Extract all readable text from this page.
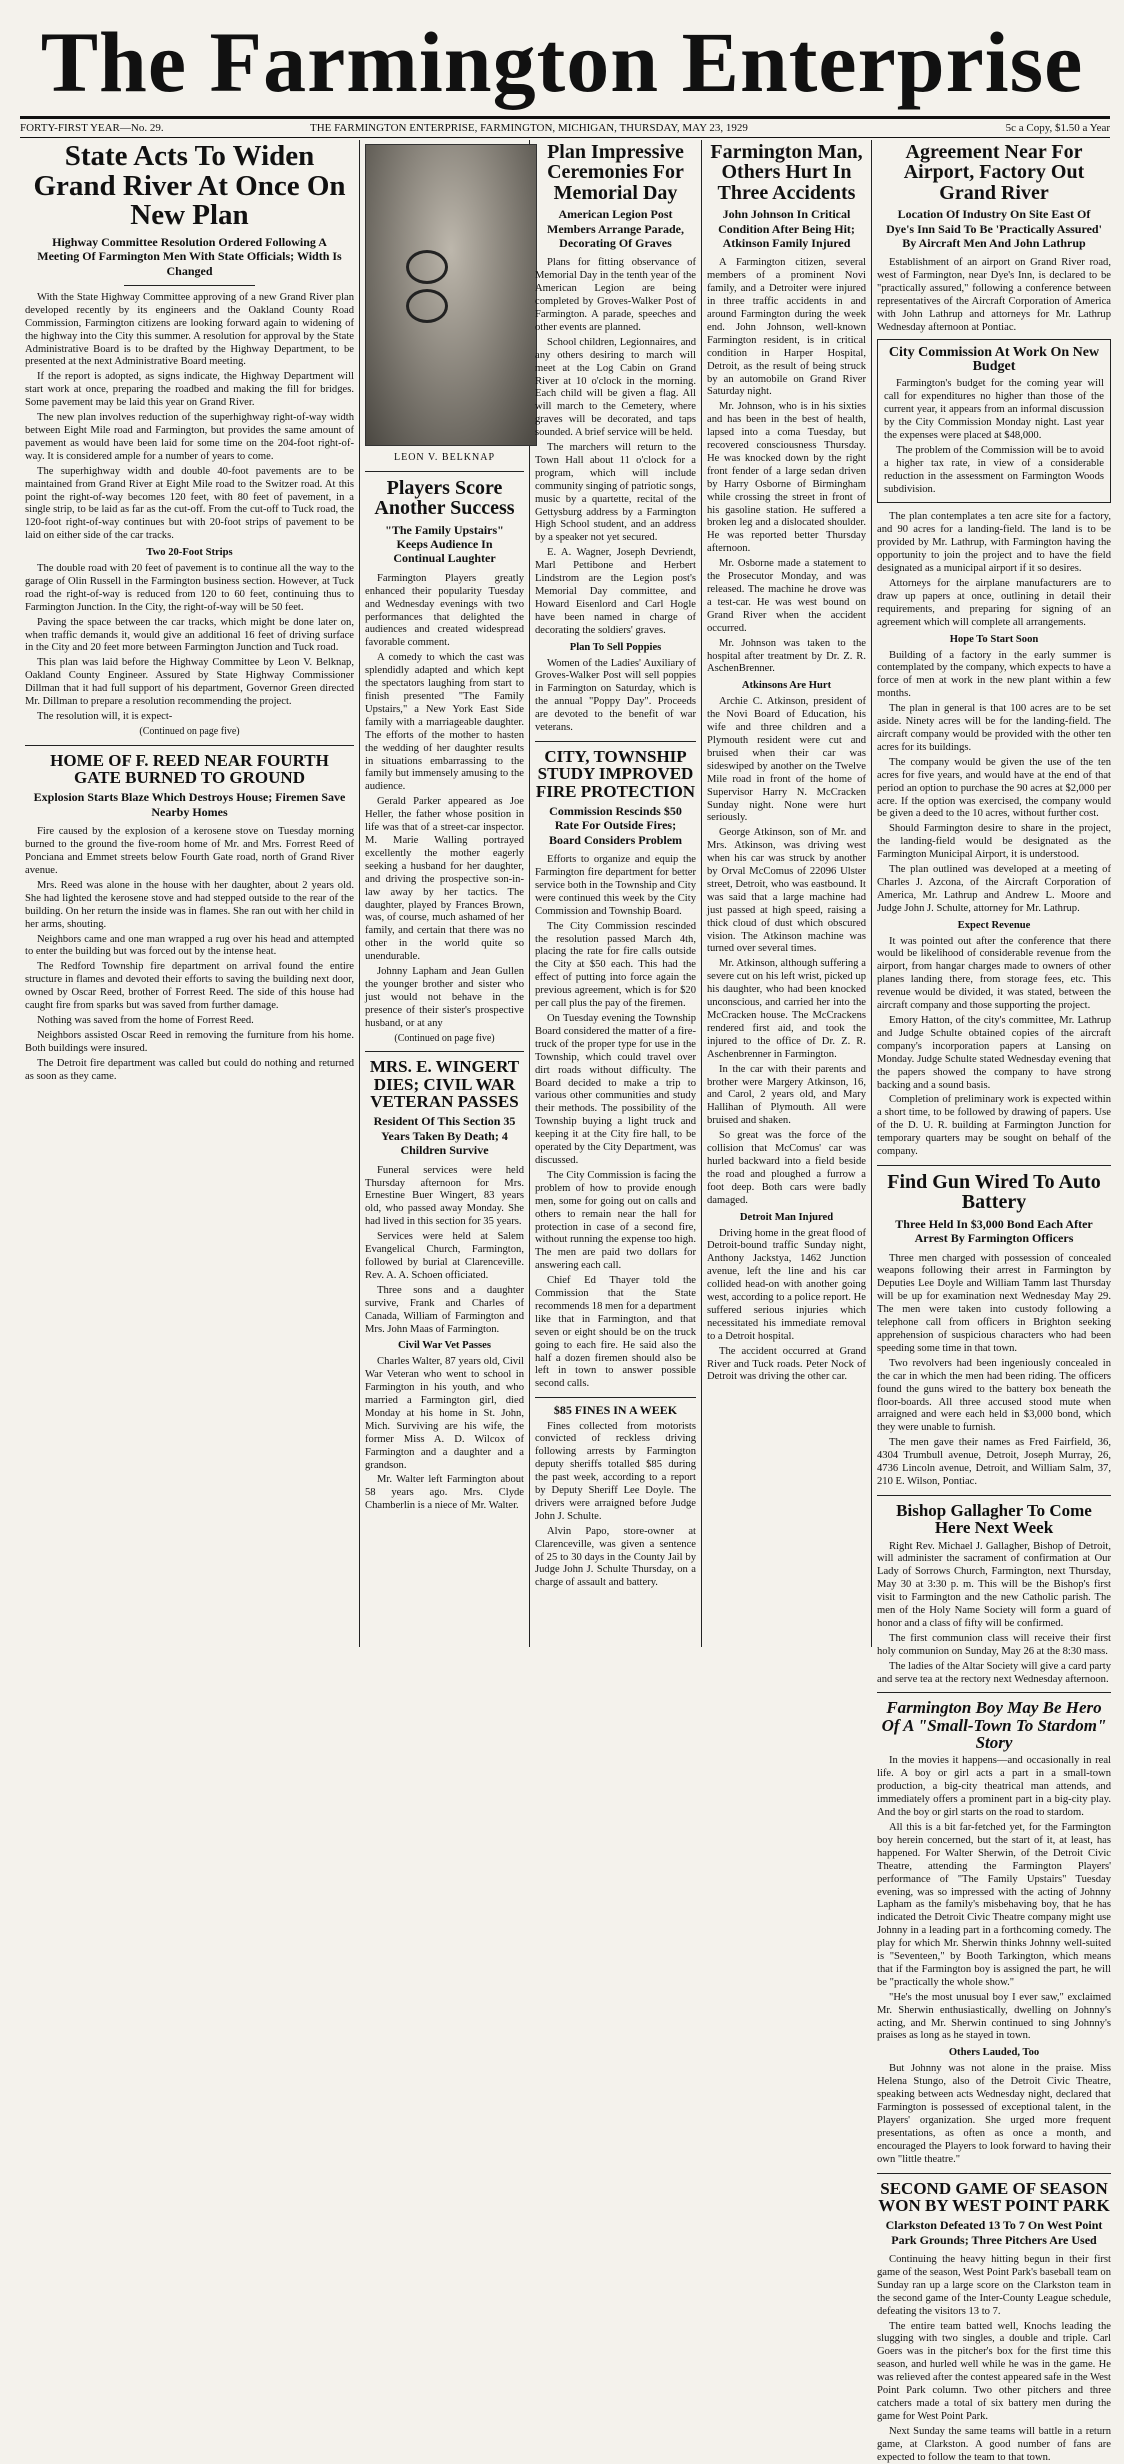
The Farmington Enterprise
FORTY-FIRST YEAR—No. 29.	THE FARMINGTON ENTERPRISE, FARMINGTON, MICHIGAN, THURSDAY, MAY 23, 1929	5c a Copy, $1.50 a Year
State Acts To Widen Grand River At Once On New Plan
Highway Committee Resolution Ordered Following A Meeting Of Farmington Men With State Officials; Width Is Changed

With the State Highway Committee approving of a new Grand River plan developed recently by its engineers and the Oakland County Road Commission, Farmington citizens are looking forward again to widening of the highway into the City this summer. A resolution for approval by the State Administrative Board is to be drafted by the Highway Department, to be presented at the next Administrative Board meeting.

If the report is adopted, as signs indicate, the Highway Department will start work at once, preparing the roadbed and making the fill for bridges. Some pavement may be laid this year on Grand River.

The new plan involves reduction of the superhighway right-of-way width between Eight Mile road and Farmington, but provides the same amount of pavement as would have been laid for some time on the 204-foot right-of-way. It is considered ample for a number of years to come.

The superhighway width and double 40-foot pavements are to be maintained from Grand River at Eight Mile road to the Switzer road. At this point the right-of-way becomes 120 feet, with 80 feet of pavement, in a single strip, to be laid as far as the cut-off. From the cut-off to Tuck road, the 120-foot right-of-way continues but with 20-foot strips of pavement to be laid on either side of the car tracks.

Two 20-Foot Strips

The double road with 20 feet of pavement is to continue all the way to the garage of Olin Russell in the Farmington business section. However, at Tuck road the right-of-way is reduced from 120 to 60 feet, continuing thus to Farmington Junction. In the City, the right-of-way will be 50 feet.

Paving the space between the car tracks, which might be done later on, when traffic demands it, would give an additional 16 feet of driving surface in the City and 20 feet more between Farmington Junction and Tuck road.

This plan was laid before the Highway Committee by Leon V. Belknap, Oakland County Engineer. Assured by State Highway Commissioner Dillman that it had full support of his department, Governor Green directed Mr. Dillman to prepare a resolution recommending the project.

The resolution will, it is expect-

(Continued on page five)

HOME OF F. REED NEAR FOURTH GATE BURNED TO GROUND
Explosion Starts Blaze Which Destroys House; Firemen Save Nearby Homes

Fire caused by the explosion of a kerosene stove on Tuesday morning burned to the ground the five-room home of Mr. and Mrs. Forrest Reed of Ponciana and Emmet streets below Fourth Gate road, north of Grand River avenue.

Mrs. Reed was alone in the house with her daughter, about 2 years old. She had lighted the kerosene stove and had stepped outside to the rear of the building. On her return the inside was in flames. She ran out with her child in her arms, shouting.

Neighbors came and one man wrapped a rug over his head and attempted to enter the building but was forced out by the intense heat.

The Redford Township fire department on arrival found the entire structure in flames and devoted their efforts to saving the building next door, owned by Oscar Reed, brother of Forrest Reed. The side of this house had caught fire from sparks but was saved from further damage.

Nothing was saved from the home of Forrest Reed.

Neighbors assisted Oscar Reed in removing the furniture from his home. Both buildings were insured.

The Detroit fire department was called but could do nothing and returned as soon as they came.

LEON V. BELKNAP
Players Score Another Success
"The Family Upstairs" Keeps Audience In Continual Laughter

Farmington Players greatly enhanced their popularity Tuesday and Wednesday evenings with two performances that delighted the audiences and created widespread favorable comment.

A comedy to which the cast was splendidly adapted and which kept the spectators laughing from start to finish presented "The Family Upstairs," a New York East Side family with a marriageable daughter. The efforts of the mother to hasten the wedding of her daughter results in situations embarrassing to the family but immensely amusing to the audience.

Gerald Parker appeared as Joe Heller, the father whose position in life was that of a street-car inspector. M. Marie Walling portrayed excellently the mother eagerly seeking a husband for her daughter, and driving the prospective son-in-law away by her tactics. The daughter, played by Frances Brown, was, of course, much ashamed of her family, and certain that there was no other in the world quite so unendurable.

Johnny Lapham and Jean Gullen the younger brother and sister who just would not behave in the presence of their sister's prospective husband, or at any

(Continued on page five)

MRS. E. WINGERT DIES; CIVIL WAR VETERAN PASSES
Resident Of This Section 35 Years Taken By Death; 4 Children Survive

Funeral services were held Thursday afternoon for Mrs. Ernestine Buer Wingert, 83 years old, who passed away Monday. She had lived in this section for 35 years.

Services were held at Salem Evangelical Church, Farmington, followed by burial at Clarenceville. Rev. A. A. Schoen officiated.

Three sons and a daughter survive, Frank and Charles of Canada, William of Farmington and Mrs. John Maas of Farmington.

Civil War Vet Passes

Charles Walter, 87 years old, Civil War Veteran who went to school in Farmington in his youth, and who married a Farmington girl, died Monday at his home in St. John, Mich. Surviving are his wife, the former Miss A. D. Wilcox of Farmington and a daughter and a grandson.

Mr. Walter left Farmington about 58 years ago. Mrs. Clyde Chamberlin is a niece of Mr. Walter.

Plan Impressive Ceremonies For Memorial Day
American Legion Post Members Arrange Parade, Decorating Of Graves

Plans for fitting observance of Memorial Day in the tenth year of the American Legion are being completed by Groves-Walker Post of Farmington. A parade, speeches and other events are planned.

School children, Legionnaires, and any others desiring to march will meet at the Log Cabin on Grand River at 10 o'clock in the morning. Each child will be given a flag. All will march to the Cemetery, where graves will be decorated, and taps sounded. A brief service will be held.

The marchers will return to the Town Hall about 11 o'clock for a program, which will include community singing of patriotic songs, music by a quartette, recital of the Gettysburg address by a Farmington High School student, and an address by a speaker not yet secured.

E. A. Wagner, Joseph Devriendt, Marl Pettibone and Herbert Lindstrom are the Legion post's Memorial Day committee, and Howard Eisenlord and Carl Hogle have been named in charge of decorating the soldiers' graves.

Plan To Sell Poppies

Women of the Ladies' Auxiliary of Groves-Walker Post will sell poppies in Farmington on Saturday, which is the annual "Poppy Day". Proceeds are devoted to the benefit of war veterans.

CITY, TOWNSHIP STUDY IMPROVED FIRE PROTECTION
Commission Rescinds $50 Rate For Outside Fires; Board Considers Problem

Efforts to organize and equip the Farmington fire department for better service both in the Township and City were continued this week by the City Commission and Township Board.

The City Commission rescinded the resolution passed March 4th, placing the rate for fire calls outside the City at $50 each. This had the effect of putting into force again the previous agreement, which is for $20 per call plus the pay of the firemen.

On Tuesday evening the Township Board considered the matter of a fire-truck of the proper type for use in the Township, which could travel over dirt roads without difficulty. The Board decided to make a trip to various other communities and study their methods. The possibility of the Township buying a light truck and keeping it at the City fire hall, to be operated by the City Department, was discussed.

The City Commission is facing the problem of how to provide enough men, some for going out on calls and others to remain near the hall for protection in case of a second fire, without running the expense too high. The men are paid two dollars for answering each call.

Chief Ed Thayer told the Commission that the State recommends 18 men for a department like that in Farmington, and that seven or eight should be on the truck going to each fire. He said also the half a dozen firemen should also be left in town to answer possible second calls.

$85 FINES IN A WEEK

Fines collected from motorists convicted of reckless driving following arrests by Farmington deputy sheriffs totalled $85 during the past week, according to a report by Deputy Sheriff Lee Doyle. The drivers were arraigned before Judge John J. Schulte.

Alvin Papo, store-owner at Clarenceville, was given a sentence of 25 to 30 days in the County Jail by Judge John J. Schulte Thursday, on a charge of assault and battery.

Farmington Man, Others Hurt In Three Accidents
John Johnson In Critical Condition After Being Hit; Atkinson Family Injured

A Farmington citizen, several members of a prominent Novi family, and a Detroiter were injured in three traffic accidents in and around Farmington during the week end. John Johnson, well-known Farmington resident, is in critical condition in Harper Hospital, Detroit, as the result of being struck by an automobile on Grand River Saturday night.

Mr. Johnson, who is in his sixties and has been in the best of health, lapsed into a coma Tuesday, but recovered consciousness Thursday. He was knocked down by the right front fender of a large sedan driven by Harry Osborne of Birmingham while crossing the street in front of his gasoline station. He suffered a broken leg and a dislocated shoulder. He was reported better Thursday afternoon.

Mr. Osborne made a statement to the Prosecutor Monday, and was released. The machine he drove was a test-car. He was west bound on Grand River when the accident occurred.

Mr. Johnson was taken to the hospital after treatment by Dr. Z. R. AschenBrenner.

Atkinsons Are Hurt

Archie C. Atkinson, president of the Novi Board of Education, his wife and three children and a Plymouth resident were cut and bruised when their car was sideswiped by another on the Twelve Mile road in front of the home of Supervisor Harry N. McCracken Sunday night. None were hurt seriously.

George Atkinson, son of Mr. and Mrs. Atkinson, was driving west when his car was struck by another by Orval McComus of 22096 Ulster street, Detroit, who was eastbound. It was said that a large machine had just passed at high speed, raising a thick cloud of dust which obscured vision. The Atkinson machine was turned over several times.

Mr. Atkinson, although suffering a severe cut on his left wrist, picked up his daughter, who had been knocked unconscious, and carried her into the McCracken house. The McCrackens rendered first aid, and took the injured to the office of Dr. Z. R. Aschenbrenner in Farmington.

In the car with their parents and brother were Margery Atkinson, 16, and Carol, 2 years old, and Mary Hallihan of Plymouth. All were bruised and shaken.

So great was the force of the collision that McComus' car was hurled backward into a field beside the road and ploughed a furrow a foot deep. Both cars were badly damaged.

Detroit Man Injured

Driving home in the great flood of Detroit-bound traffic Sunday night, Anthony Jackstya, 1462 Junction avenue, left the line and his car collided head-on with another going west, according to a police report. He suffered serious injuries which necessitated his immediate removal to a Detroit hospital.

The accident occurred at Grand River and Tuck roads. Peter Nock of Detroit was driving the other car.

Agreement Near For Airport, Factory Out Grand River
Location Of Industry On Site East Of Dye's Inn Said To Be 'Practically Assured' By Aircraft Men And John Lathrup

Establishment of an airport on Grand River road, west of Farmington, near Dye's Inn, is declared to be "practically assured," following a conference between representatives of the Aircraft Corporation of America with John Lathrup and attorneys for Mr. Lathrup Wednesday afternoon at Pontiac.

City Commission At Work On New Budget

Farmington's budget for the coming year will call for expenditures no higher than those of the current year, it appears from an informal discussion by the City Commission Monday night. Last year the expenses were placed at $48,000.

The problem of the Commission will be to avoid a higher tax rate, in view of a considerable reduction in the assessment on Farmington Woods subdivision.

The plan contemplates a ten acre site for a factory, and 90 acres for a landing-field. The land is to be provided by Mr. Lathrup, with Farmington having the opportunity to join the project and to have the field designated as a municipal airport if it so desires.

Attorneys for the airplane manufacturers are to draw up papers at once, outlining in detail their requirements, and preparing for signing of an agreement which will complete all arrangements.

Hope To Start Soon

Building of a factory in the early summer is contemplated by the company, which expects to have a force of men at work in the new plant within a few months.

The plan in general is that 100 acres are to be set aside. Ninety acres will be for the landing-field. The aircraft company would be provided with the other ten acres for its buildings.

The company would be given the use of the ten acres for five years, and would have at the end of that period an option to purchase the 90 acres at $2,000 per acre. If the option was exercised, the company would be given a deed to the 10 acres, without further cost.

Should Farmington desire to share in the project, the landing-field would be designated as the Farmington Municipal Airport, it is understood.

The plan outlined was developed at a meeting of Charles J. Azcona, of the Aircraft Corporation of America, Mr. Lathrup and Andrew L. Moore and Judge John J. Schulte, attorney for Mr. Lathrup.

Expect Revenue

It was pointed out after the conference that there would be likelihood of considerable revenue from the airport, from hangar charges made to owners of other planes landing there, from storage fees, etc. This revenue would be divided, it was stated, between the aircraft company and those supporting the project.

Emory Hatton, of the city's committee, Mr. Lathrup and Judge Schulte obtained copies of the aircraft company's incorporation papers at Lansing on Monday. Judge Schulte stated Wednesday evening that the papers showed the company to have strong backing and a sound basis.

Completion of preliminary work is expected within a short time, to be followed by drawing of papers. Use of the D. U. R. building at Farmington Junction for temporary quarters may be sought on behalf of the company.

Find Gun Wired To Auto Battery
Three Held In $3,000 Bond Each After Arrest By Farmington Officers

Three men charged with possession of concealed weapons following their arrest in Farmington by Deputies Lee Doyle and William Tamm last Thursday will be up for examination next Wednesday May 29. The men were taken into custody following a telephone call from officers in Brighton seeking apprehension of suspicious characters who had been speeding some time in that town.

Two revolvers had been ingeniously concealed in the car in which the men had been riding. The officers found the guns wired to the battery box beneath the floor-boards. All three accused stood mute when arraigned and were each held in $3,000 bond, which they were unable to furnish.

The men gave their names as Fred Fairfield, 36, 4304 Trumbull avenue, Detroit, Joseph Murray, 26, 4736 Lincoln avenue, Detroit, and William Salm, 37, 210 E. Wilson, Pontiac.

Bishop Gallagher To Come Here Next Week

Right Rev. Michael J. Gallagher, Bishop of Detroit, will administer the sacrament of confirmation at Our Lady of Sorrows Church, Farmington, next Thursday, May 30 at 3:30 p. m. This will be the Bishop's first visit to Farmington and the new Catholic parish. The men of the Holy Name Society will form a guard of honor and a class of fifty will be confirmed.

The first communion class will receive their first holy communion on Sunday, May 26 at the 8:30 mass.

The ladies of the Altar Society will give a card party and serve tea at the rectory next Wednesday afternoon.

Farmington Boy May Be Hero Of A "Small-Town To Stardom" Story

In the movies it happens—and occasionally in real life. A boy or girl acts a part in a small-town production, a big-city theatrical man attends, and immediately offers a prominent part in a big-city play. And the boy or girl starts on the road to stardom.

All this is a bit far-fetched yet, for the Farmington boy herein concerned, but the start of it, at least, has happened. For Walter Sherwin, of the Detroit Civic Theatre, attending the Farmington Players' performance of "The Family Upstairs" Tuesday evening, was so impressed with the acting of Johnny Lapham as the family's misbehaving boy, that he has indicated the Detroit Civic Theatre company might use Johnny in a leading part in a forthcoming comedy. The play for which Mr. Sherwin thinks Johnny well-suited is "Seventeen," by Booth Tarkington, which means that if the Farmington boy is assigned the part, he will be "practically the whole show."

"He's the most unusual boy I ever saw," exclaimed Mr. Sherwin enthusiastically, dwelling on Johnny's acting, and Mr. Sherwin continued to sing Johnny's praises as long as he stayed in town.

Others Lauded, Too

But Johnny was not alone in the praise. Miss Helena Stungo, also of the Detroit Civic Theatre, speaking between acts Wednesday night, declared that Farmington is possessed of exceptional talent, in the Players' organization. She urged more frequent presentations, as often as once a month, and encouraged the Players to look forward to having their own "little theatre."

SECOND GAME OF SEASON WON BY WEST POINT PARK
Clarkston Defeated 13 To 7 On West Point Park Grounds; Three Pitchers Are Used

Continuing the heavy hitting begun in their first game of the season, West Point Park's baseball team on Sunday ran up a large score on the Clarkston team in the second game of the Inter-County League schedule, defeating the visitors 13 to 7.

The entire team batted well, Knochs leading the slugging with two singles, a double and triple. Carl Goers was in the pitcher's box for the first time this season, and hurled well while he was in the game. He was relieved after the contest appeared safe in the West Point Park column. Two other pitchers and three catchers made a total of six battery men during the game for West Point Park.

Next Sunday the same teams will battle in a return game, at Clarkston. A good number of fans are expected to follow the team to that town.
